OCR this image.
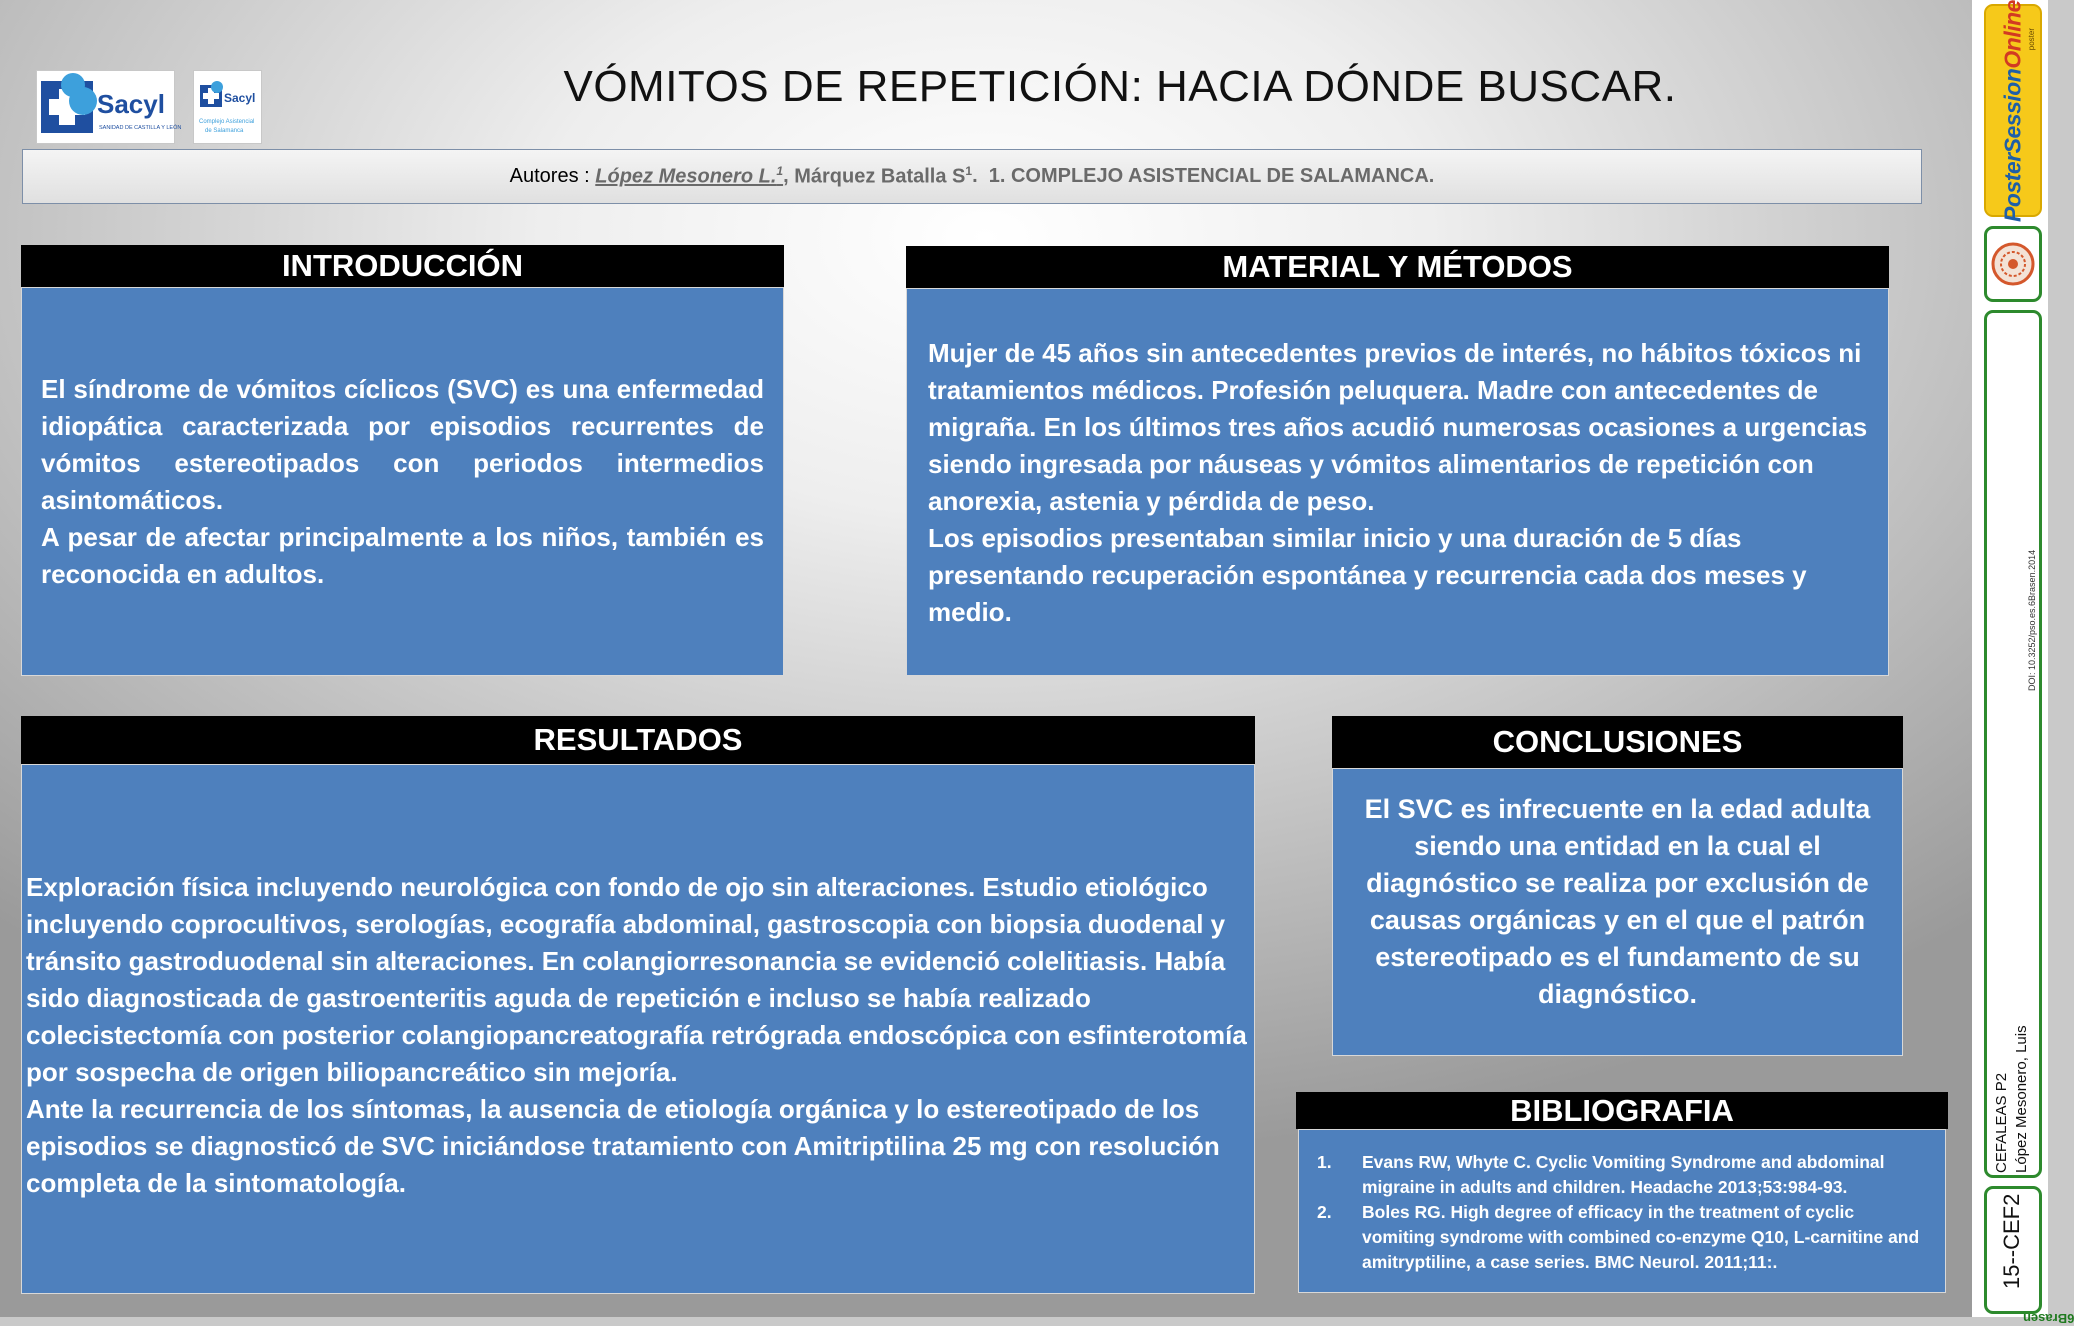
Sacyl
SANIDAD DE CASTILLA Y LEÓN
Sacyl
Complejo Asistencial
de Salamanca
VÓMITOS DE REPETICIÓN: HACIA DÓNDE BUSCAR.
Autores : López Mesonero L.$^1$ , Márquez Batalla $S^1$ .  1. COMPLEJO ASISTENCIAL DE SALAMANCA.
INTRODUCCIÓN
El síndrome de vómitos cíclicos (SVC) es una enfermedad idiopática caracterizada por episodios recurrentes de vómitos estereotipados con periodos intermedios asintomáticos.
A pesar de afectar principalmente a los niños, también es reconocida en adultos.
MATERIAL Y MÉTODOS
Mujer de 45 años sin antecedentes previos de interés, no hábitos tóxicos ni tratamientos médicos. Profesión peluquera. Madre con antecedentes de migraña. En los últimos tres años acudió numerosas ocasiones a urgencias siendo ingresada por náuseas y vómitos alimentarios de repetición con anorexia, astenia y pérdida de peso.
Los episodios presentaban similar inicio y una duración de 5 días presentando recuperación espontánea y recurrencia cada dos meses y medio.
RESULTADOS
Exploración física incluyendo neurológica con fondo de ojo sin alteraciones. Estudio etiológico incluyendo coprocultivos, serologías, ecografía abdominal, gastroscopia con biopsia duodenal y tránsito gastroduodenal sin alteraciones. En colangiorresonancia se evidenció colelitiasis. Había sido diagnosticada de gastroenteritis aguda de repetición e incluso se había realizado colecistectomía con posterior colangiopancreatografía retrógrada endoscópica con esfinterotomía por sospecha de origen biliopancreático sin mejoría.
Ante la recurrencia de los síntomas, la ausencia de etiología orgánica y lo estereotipado de los episodios se diagnosticó de SVC iniciándose tratamiento con Amitriptilina 25 mg con resolución completa de la sintomatología.
CONCLUSIONES
El SVC es infrecuente en la edad adulta siendo una entidad en la cual el diagnóstico se realiza por exclusión de causas orgánicas y en el que el patrón estereotipado es el fundamento de su diagnóstico.
BIBLIOGRAFIA
1.	Evans RW, Whyte C. Cyclic Vomiting Syndrome and abdominal migraine in adults and children. Headache 2013;53:984-93.
2.	Boles RG. High degree of efficacy in the treatment of cyclic vomiting syndrome with combined co-enzyme Q10, L-carnitine and amitryptiline, a case series. BMC Neurol. 2011;11:.
PosterSessionOnline poster
DOI: 10.3252/pso.es.6Brasen.2014
CEFALEAS P2 López Mesonero, Luis
15--CEF2
6Brasen
